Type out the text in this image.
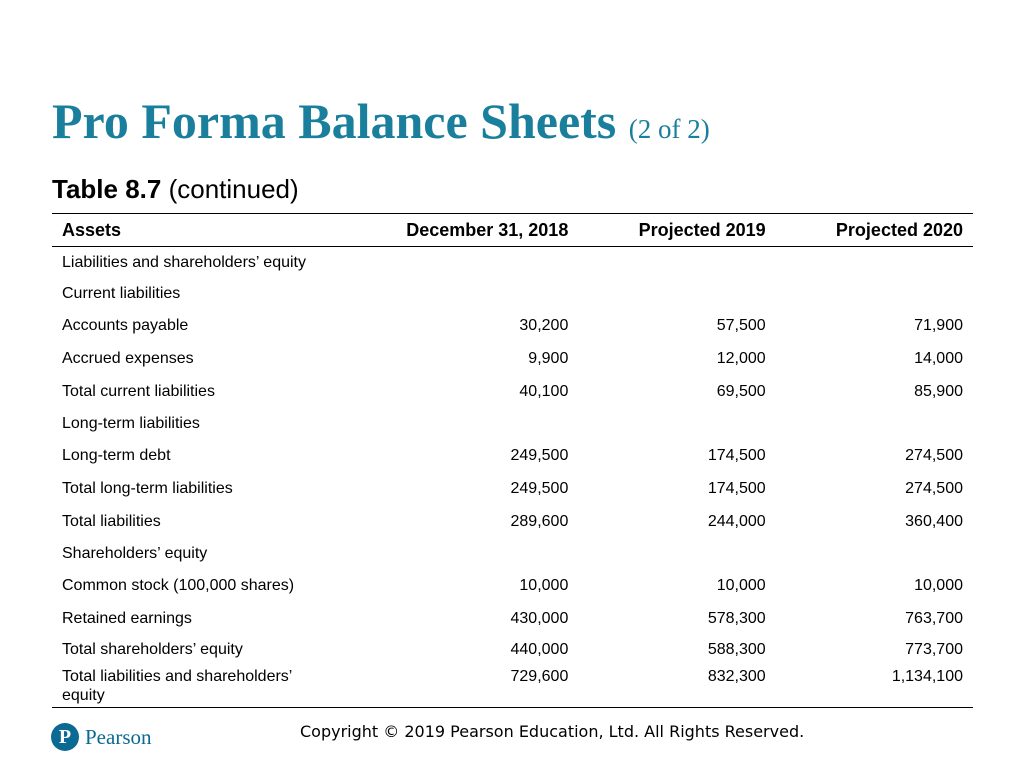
Pro Forma Balance Sheets (2 of 2)
Table 8.7 (continued)
Assets	December 31, 2018	Projected 2019	Projected 2020
Liabilities and shareholders’ equity			
Current liabilities			
Accounts payable	30,200	57,500	71,900
Accrued expenses	9,900	12,000	14,000
Total current liabilities	40,100	69,500	85,900
Long-term liabilities			
Long-term debt	249,500	174,500	274,500
Total long-term liabilities	249,500	174,500	274,500
Total liabilities	289,600	244,000	360,400
Shareholders’ equity			
Common stock (100,000 shares)	10,000	10,000	10,000
Retained earnings	430,000	578,300	763,700
Total shareholders’ equity	440,000	588,300	773,700
Total liabilities and shareholders’ equity	729,600	832,300	1,134,100
P Pearson	Copyright © 2019 Pearson Education, Ltd. All Rights Reserved.
